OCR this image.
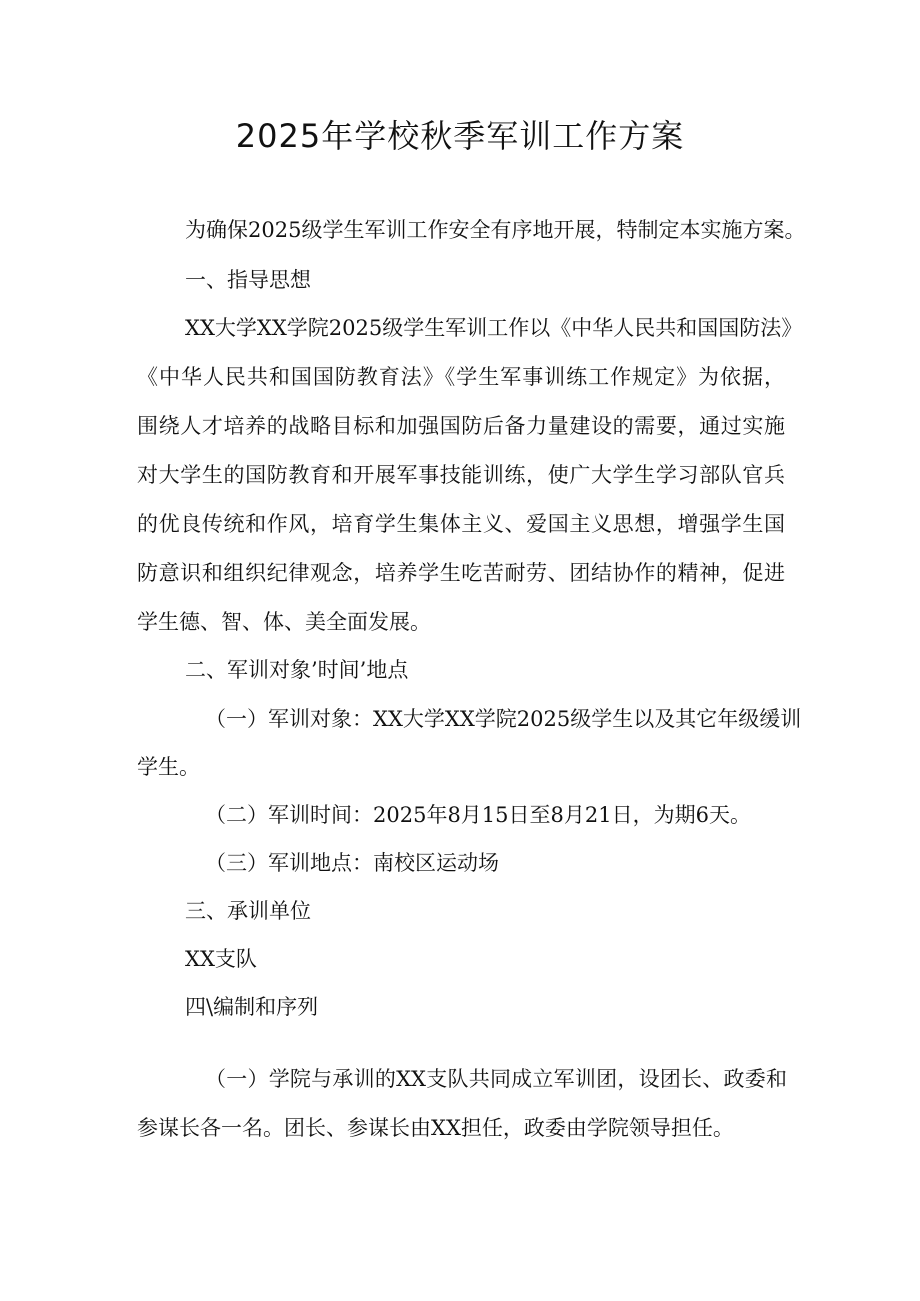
2025年学校秋季军训工作方案

为确保2025级学生军训工作安全有序地开展，特制定本实施方案。

一、指导思想

XX大学XX学院2025级学生军训工作以《中华人民共和国国防法》

《中华人民共和国国防教育法》《学生军事训练工作规定》为依据，

围绕人才培养的战略目标和加强国防后备力量建设的需要，通过实施

对大学生的国防教育和开展军事技能训练，使广大学生学习部队官兵

的优良传统和作风，培育学生集体主义、爱国主义思想，增强学生国

防意识和组织纪律观念，培养学生吃苦耐劳、团结协作的精神，促进

学生德、智、体、美全面发展。

二、军训对象’时间’地点

（一）军训对象：XX大学XX学院2025级学生以及其它年级缓训

学生。

（二）军训时间：2025年8月15日至8月21日，为期6天。

（三）军训地点：南校区运动场

三、承训单位

XX支队

四\编制和序列

（一）学院与承训的XX支队共同成立军训团，设团长、政委和

参谋长各一名。团长、参谋长由XX担任，政委由学院领导担任。
